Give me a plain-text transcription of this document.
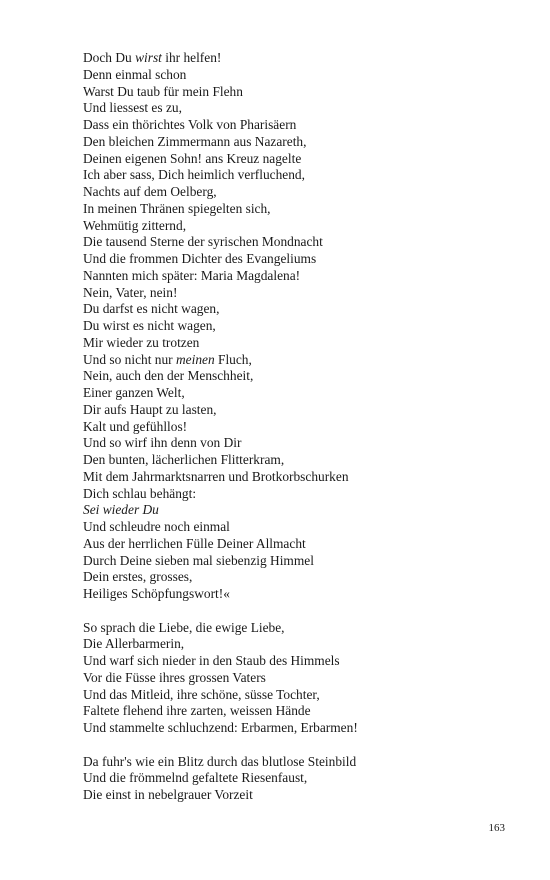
Doch Du wirst ihr helfen!
Denn einmal schon
Warst Du taub für mein Flehn
Und liessest es zu,
Dass ein thörichtes Volk von Pharisäern
Den bleichen Zimmermann aus Nazareth,
Deinen eigenen Sohn! ans Kreuz nagelte
Ich aber sass, Dich heimlich verfluchend,
Nachts auf dem Oelberg,
In meinen Thränen spiegelten sich,
Wehmütig zitternd,
Die tausend Sterne der syrischen Mondnacht
Und die frommen Dichter des Evangeliums
Nannten mich später: Maria Magdalena!
Nein, Vater, nein!
Du darfst es nicht wagen,
Du wirst es nicht wagen,
Mir wieder zu trotzen
Und so nicht nur meinen Fluch,
Nein, auch den der Menschheit,
Einer ganzen Welt,
Dir aufs Haupt zu lasten,
Kalt und gefühllos!
Und so wirf ihn denn von Dir
Den bunten, lächerlichen Flitterkram,
Mit dem Jahrmarktsnarren und Brotkorbschurken
Dich schlau behängt:
Sei wieder Du
Und schleudre noch einmal
Aus der herrlichen Fülle Deiner Allmacht
Durch Deine sieben mal siebenzig Himmel
Dein erstes, grosses,
Heiliges Schöpfungswort!«
So sprach die Liebe, die ewige Liebe,
Die Allerbarmerin,
Und warf sich nieder in den Staub des Himmels
Vor die Füsse ihres grossen Vaters
Und das Mitleid, ihre schöne, süsse Tochter,
Faltete flehend ihre zarten, weissen Hände
Und stammelte schluchzend: Erbarmen, Erbarmen!
Da fuhr's wie ein Blitz durch das blutlose Steinbild
Und die frömmelnd gefaltete Riesenfaust,
Die einst in nebelgrauer Vorzeit
163
